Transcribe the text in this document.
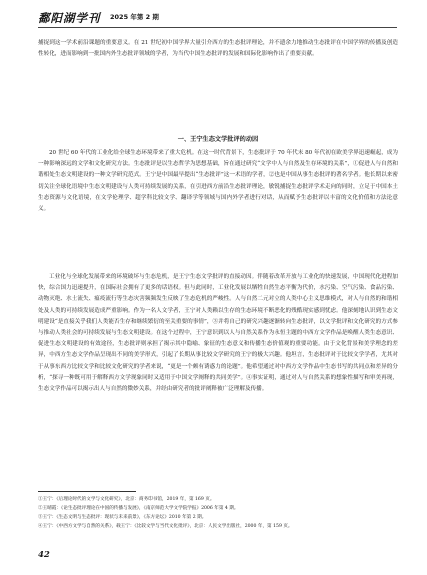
鄱阳湖学刊 2025 年第 2 期

捕捉到这一学术前沿课题的重要意义。在 21 世纪初中国学界大量引介西方的生态批评理论，并不遗余力地推动生态批评在中国学界的传播及创造性转化，进而影响到一批国内外生态批评领域的学者，为当代中国生态批评的发展和国际化影响作出了重要贡献。

一、王宁生态文学批评的动因

20 世纪 60 年代的工业化给全球生态环境带来了重大危机。在这一时代背景下，生态批评于 70 年代末 80 年代初在欧美学界迅速崛起，成为一种影响深远的文学和文化研究方法。生态批评是以生态哲学为思想基础，旨在通过研究“文学中人与自然及生存环境的关系”，①促进人与自然和谐相处生态文明建设的一种文学研究范式。王宁是中国最早提出“生态批评”这一术语的学者，②也是中国从事生态批评的著名学者。他长期以来密切关注全球化语境中生态文明建设与人类可持续发展的关系，在引进西方前沿生态批评理论，敏锐捕捉生态批评学术走向的同时，立足于中国本土生态资源与文化语境，在文学伦理学、超学科比较文学、翻译学等领域与国内外学者进行对话，从而赋予生态批评以丰富的文化价值和方法论意义。

工业化与全球化发展带来的环境破坏与生态危机，是王宁生态文学批评的直接动因。伴随着改革开放与工业化的快速发展，中国现代化进程加快，综合国力迅速提升，在国际社会拥有了更多的话语权。但与此同时，工业化发展以牺牲自然生态平衡为代价，水污染、空气污染、食品污染、动物灭绝、水土流失、瘟疫流行等生态灾害频频发生反映了生态危机的严峻性。人与自然二元对立的人类中心主义思维模式，对人与自然的和谐相处及人类的可持续发展造成严重影响。作为一名人文学者，王宁对人类赖以生存的生态环境不断恶化的残酷现实感到忧虑。他深刻地认识到生态文明建设“是直接关乎我们人类能否生存和继续繁衍的至关重要的事情”，③并将自己的研究兴趣逐渐转向生态批评，以文学批评和文化研究的方式参与推动人类社会的可持续发展与生态文明建设。在这个过程中，王宁意识到以人与自然关系作为永恒主题的中西方文学作品是唤醒人类生态意识、促进生态文明建设的有效途径，生态批评则承担了揭示其中隐喻、象征的生态意义和传播生态价值观的重要功能。由于文化背景和美学理念的差异，中西方生态文学作品呈现出不同的美学形式，引起了长期从事比较文学研究的王宁的极大兴趣。他坦言，生态批评对于比较文学学者，尤其对于从事东西方比较文学和比较文化研究的学者来说，“更是一个颇有诱惑力的论题”。他希望通过对中西方文学作品中生态书写的共同点和差异的分析，“探寻一种既可用于解释西方文学现象同时又适用于中国文学阐释的共同美学”。④事实证明，通过对人与自然关系的想象性描写和审美再现，生态文学作品可以揭示出人与自然的微妙关系，并经由研究者的批评阐释被广泛理解及传播。

①王宁：《后理论时代的文学与文化研究》，北京：商务印书馆，2019 年，第 169 页。
②王晴霞：《论生态批评理论在中国的传播与发展》，《南京师范大学文学院学报》2006 年第 4 期。
③王宁：《生态文明与生态批评：现状与未来前景》，《东方论坛》2010 年第 2 期。
④王宁：《中西方文学与自然的关系》，载王宁：《比较文学与当代文化批评》，北京：人民文学出版社，2000 年，第 159 页。
42
